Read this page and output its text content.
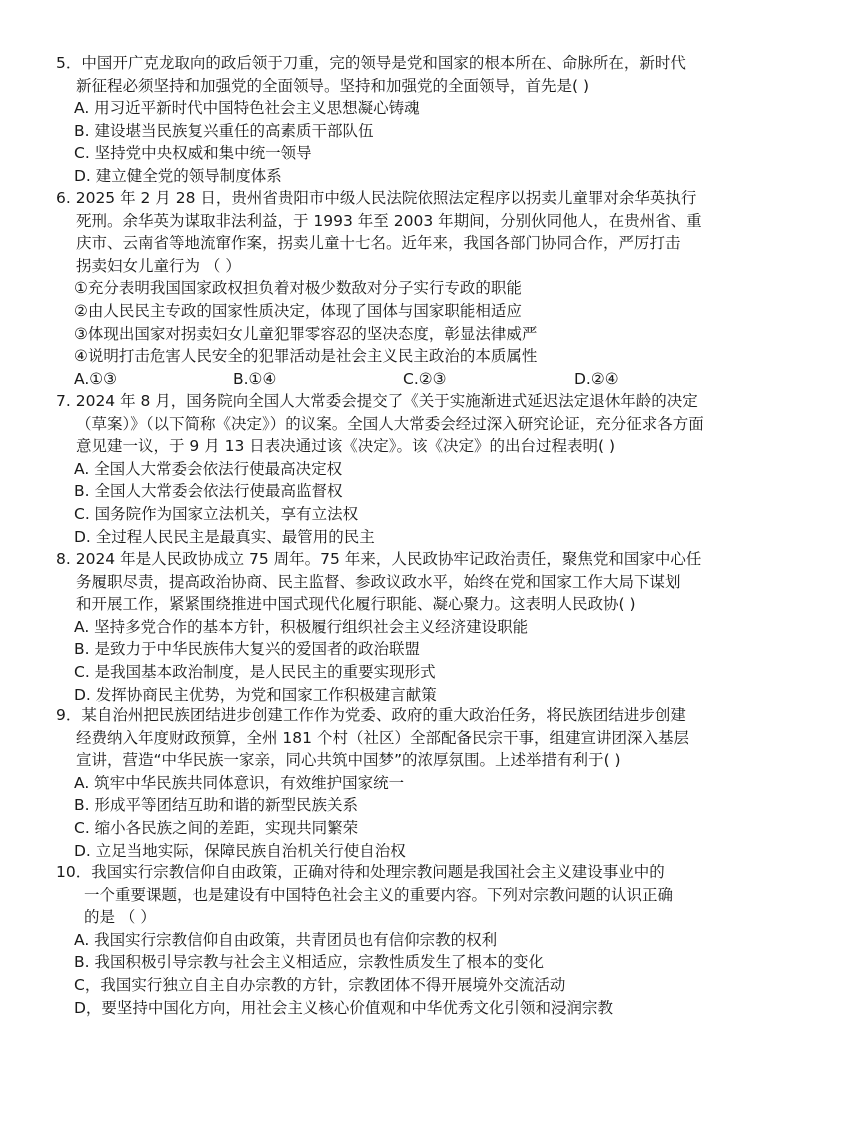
5．中国开广克龙取向的政后领于刀重，完的领导是党和国家的根本所在、命脉所在，新时代
新征程必须坚持和加强党的全面领导。坚持和加强党的全面领导，首先是( )
A. 用习近平新时代中国特色社会主义思想凝心铸魂
B. 建设堪当民族复兴重任的高素质干部队伍
C. 坚持党中央权威和集中统一领导
D. 建立健全党的领导制度体系
6. 2025 年 2 月 28 日，贵州省贵阳市中级人民法院依照法定程序以拐卖儿童罪对余华英执行
死刑。余华英为谋取非法利益，于 1993 年至 2003 年期间，分别伙同他人，在贵州省、重
庆市、云南省等地流窜作案，拐卖儿童十七名。近年来，我国各部门协同合作，严厉打击
拐卖妇女儿童行为 （ ）
①充分表明我国国家政权担负着对极少数敌对分子实行专政的职能
②由人民民主专政的国家性质决定，体现了国体与国家职能相适应
③体现出国家对拐卖妇女儿童犯罪零容忍的坚决态度，彰显法律威严
④说明打击危害人民安全的犯罪活动是社会主义民主政治的本质属性
A.①③	B.①④	C.②③	D.②④
7. 2024 年 8 月，国务院向全国人大常委会提交了《关于实施渐进式延迟法定退休年龄的决定
（草案）》（以下简称《决定》）的议案。全国人大常委会经过深入研究论证，充分征求各方面
意见建一议，于 9 月 13 日表决通过该《决定》。该《决定》的出台过程表明( )
A. 全国人大常委会依法行使最高决定权
B. 全国人大常委会依法行使最高监督权
C. 国务院作为国家立法机关，享有立法权
D. 全过程人民民主是最真实、最管用的民主
8. 2024 年是人民政协成立 75 周年。75 年来，人民政协牢记政治责任，聚焦党和国家中心任
务履职尽责，提高政治协商、民主监督、参政议政水平，始终在党和国家工作大局下谋划
和开展工作，紧紧围绕推进中国式现代化履行职能、凝心聚力。这表明人民政协( )
A. 坚持多党合作的基本方针，积极履行组织社会主义经济建设职能
B. 是致力于中华民族伟大复兴的爱国者的政治联盟
C. 是我国基本政治制度，是人民民主的重要实现形式
D. 发挥协商民主优势，为党和国家工作积极建言献策
9．某自治州把民族团结进步创建工作作为党委、政府的重大政治任务，将民族团结进步创建
经费纳入年度财政预算，全州 181 个村（社区）全部配备民宗干事，组建宣讲团深入基层
宣讲，营造“中华民族一家亲，同心共筑中国梦”的浓厚氛围。上述举措有利于( )
A. 筑牢中华民族共同体意识，有效维护国家统一
B. 形成平等团结互助和谐的新型民族关系
C. 缩小各民族之间的差距，实现共同繁荣
D. 立足当地实际，保障民族自治机关行使自治权
10．我国实行宗教信仰自由政策，正确对待和处理宗教问题是我国社会主义建设事业中的
一个重要课题，也是建设有中国特色社会主义的重要内容。下列对宗教问题的认识正确
的是 （ ）
A. 我国实行宗教信仰自由政策，共青团员也有信仰宗教的权利
B. 我国积极引导宗教与社会主义相适应，宗教性质发生了根本的变化
C，我国实行独立自主自办宗教的方针，宗教团体不得开展境外交流活动
D，要坚持中国化方向，用社会主义核心价值观和中华优秀文化引领和浸润宗教
